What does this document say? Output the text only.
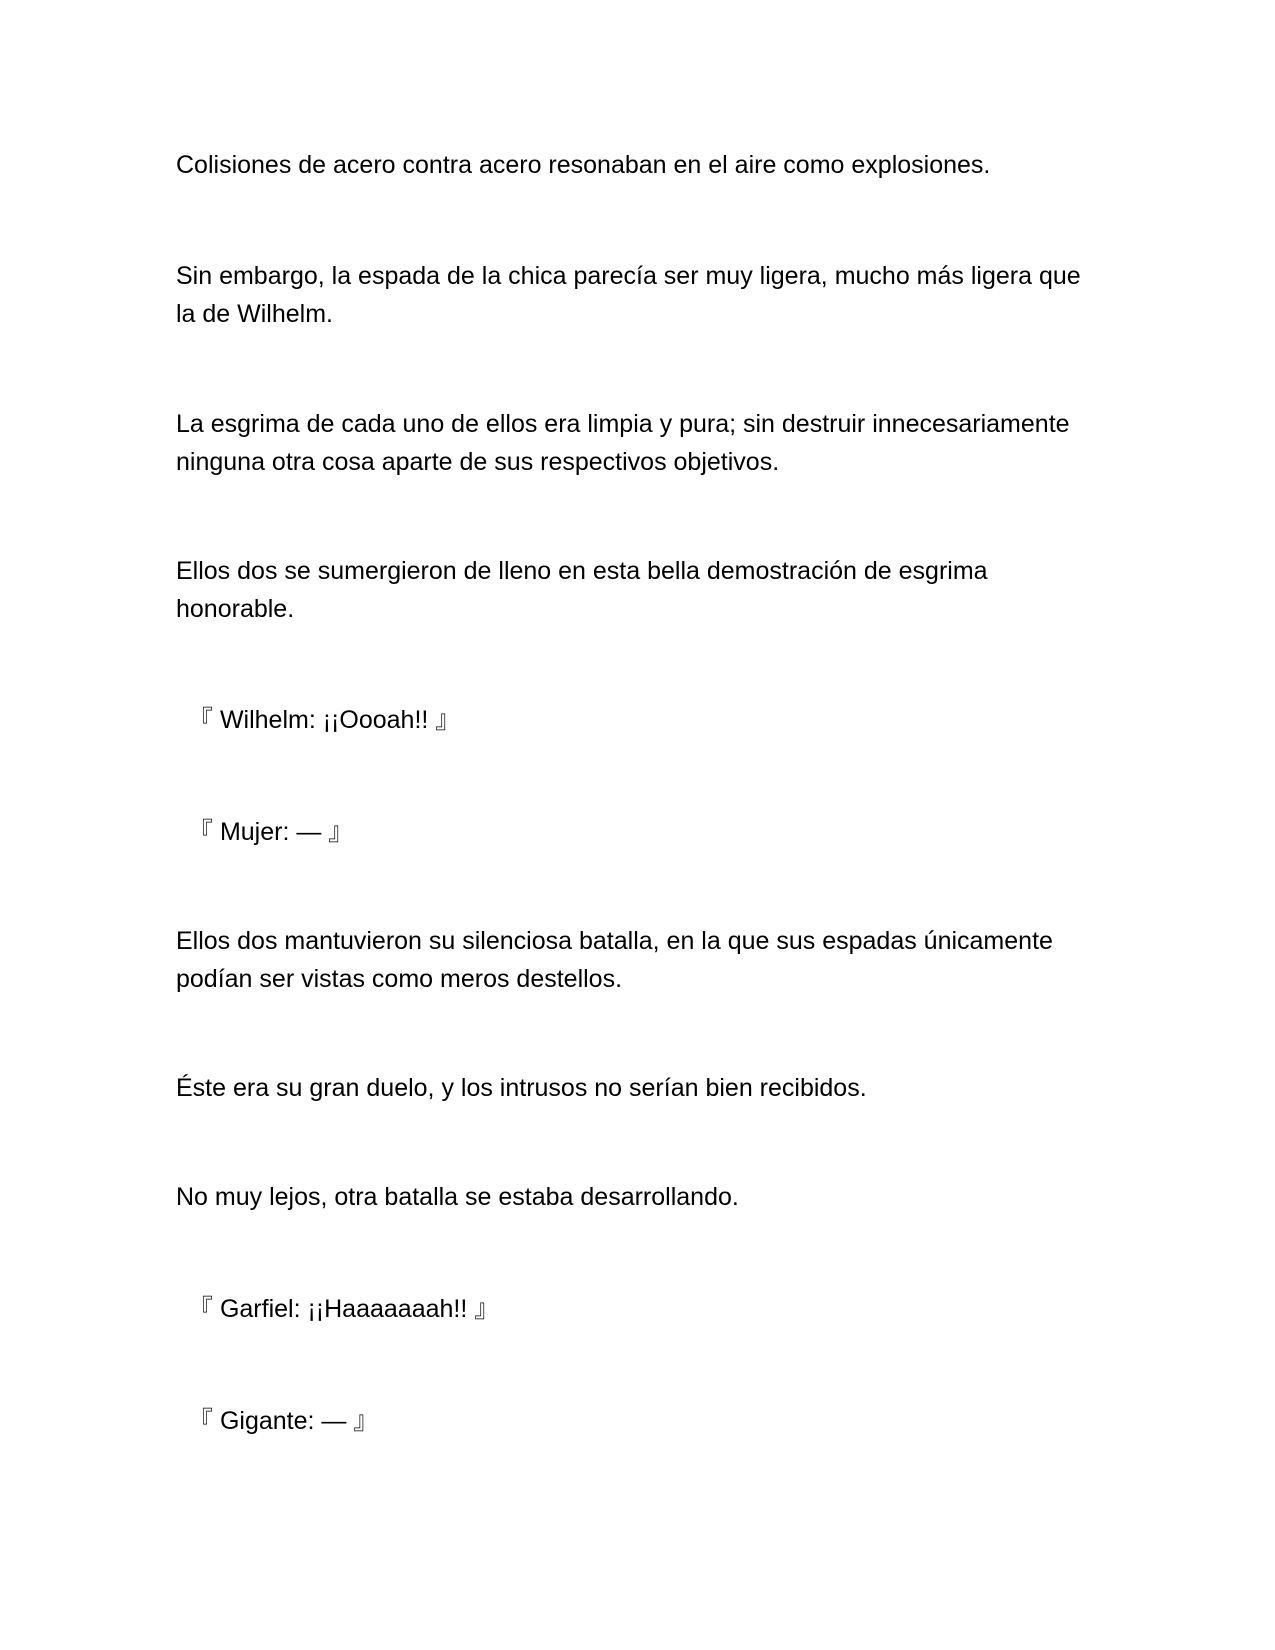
Colisiones de acero contra acero resonaban en el aire como explosiones.

Sin embargo, la espada de la chica parecía ser muy ligera, mucho más ligera que la de Wilhelm.

La esgrima de cada uno de ellos era limpia y pura; sin destruir innecesariamente ninguna otra cosa aparte de sus respectivos objetivos.

Ellos dos se sumergieron de lleno en esta bella demostración de esgrima honorable.

『 Wilhelm: ¡¡Oooah!! 』

『 Mujer: — 』

Ellos dos mantuvieron su silenciosa batalla, en la que sus espadas únicamente podían ser vistas como meros destellos.

Éste era su gran duelo, y los intrusos no serían bien recibidos.

No muy lejos, otra batalla se estaba desarrollando.

『 Garfiel: ¡¡Haaaaaaah!! 』

『 Gigante: — 』
